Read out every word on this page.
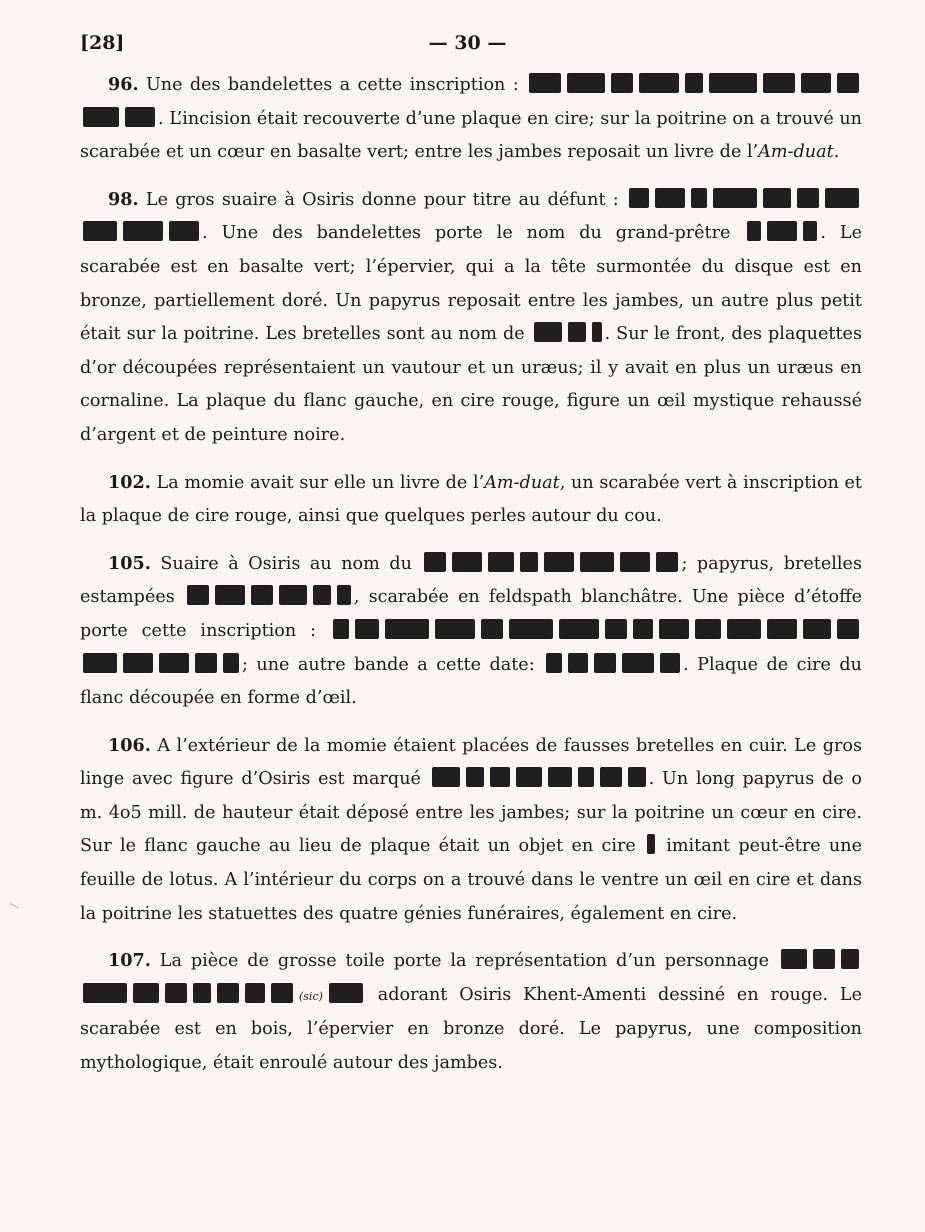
[28]	— 30 —

96. Une des bandelettes a cette inscription : . L’incision était recouverte d’une plaque en cire; sur la poitrine on a trouvé un scarabée et un cœur en basalte vert; entre les jambes reposait un livre de l’Am-duat.

98. Le gros suaire à Osiris donne pour titre au défunt : . Une des bandelettes porte le nom du grand-prêtre	. Le scarabée est en basalte vert; l’épervier, qui a la tête surmontée du disque est en bronze, partiellement doré. Un papyrus reposait entre les jambes, un autre plus petit était sur la poitrine. Les bretelles sont au nom de	. Sur le front, des plaquettes d’or découpées représentaient un vautour et un uræus; il y avait en plus un uræus en cornaline. La plaque du flanc gauche, en cire rouge, figure un œil mystique rehaussé d’argent et de peinture noire.

102. La momie avait sur elle un livre de l’Am-duat, un scarabée vert à inscription et la plaque de cire rouge, ainsi que quelques perles autour du cou.

105. Suaire à Osiris au nom du	; papyrus, bretelles estampées	, scarabée en feldspath blanchâtre. Une pièce d’étoffe porte cette inscription : ; une autre bande a cette date:	. Plaque de cire du flanc découpée en forme d’œil.

106. A l’extérieur de la momie étaient placées de fausses bretelles en cuir. Le gros linge avec figure d’Osiris est marqué	. Un long papyrus de o m. 4o5 mill. de hauteur était déposé entre les jambes; sur la poitrine un cœur en cire. Sur le flanc gauche au lieu de plaque était un objet en cire  imitant peut-être une feuille de lotus. A l’intérieur du corps on a trouvé dans le ventre un œil en cire et dans la poitrine les statuettes des quatre génies funéraires, également en cire.

107. La pièce de grosse toile porte la représentation d’un personnage (sic) adorant Osiris Khent-Amenti dessiné en rouge. Le scarabée est en bois, l’épervier en bronze doré. Le papyrus, une composition mythologique, était enroulé autour des jambes.
